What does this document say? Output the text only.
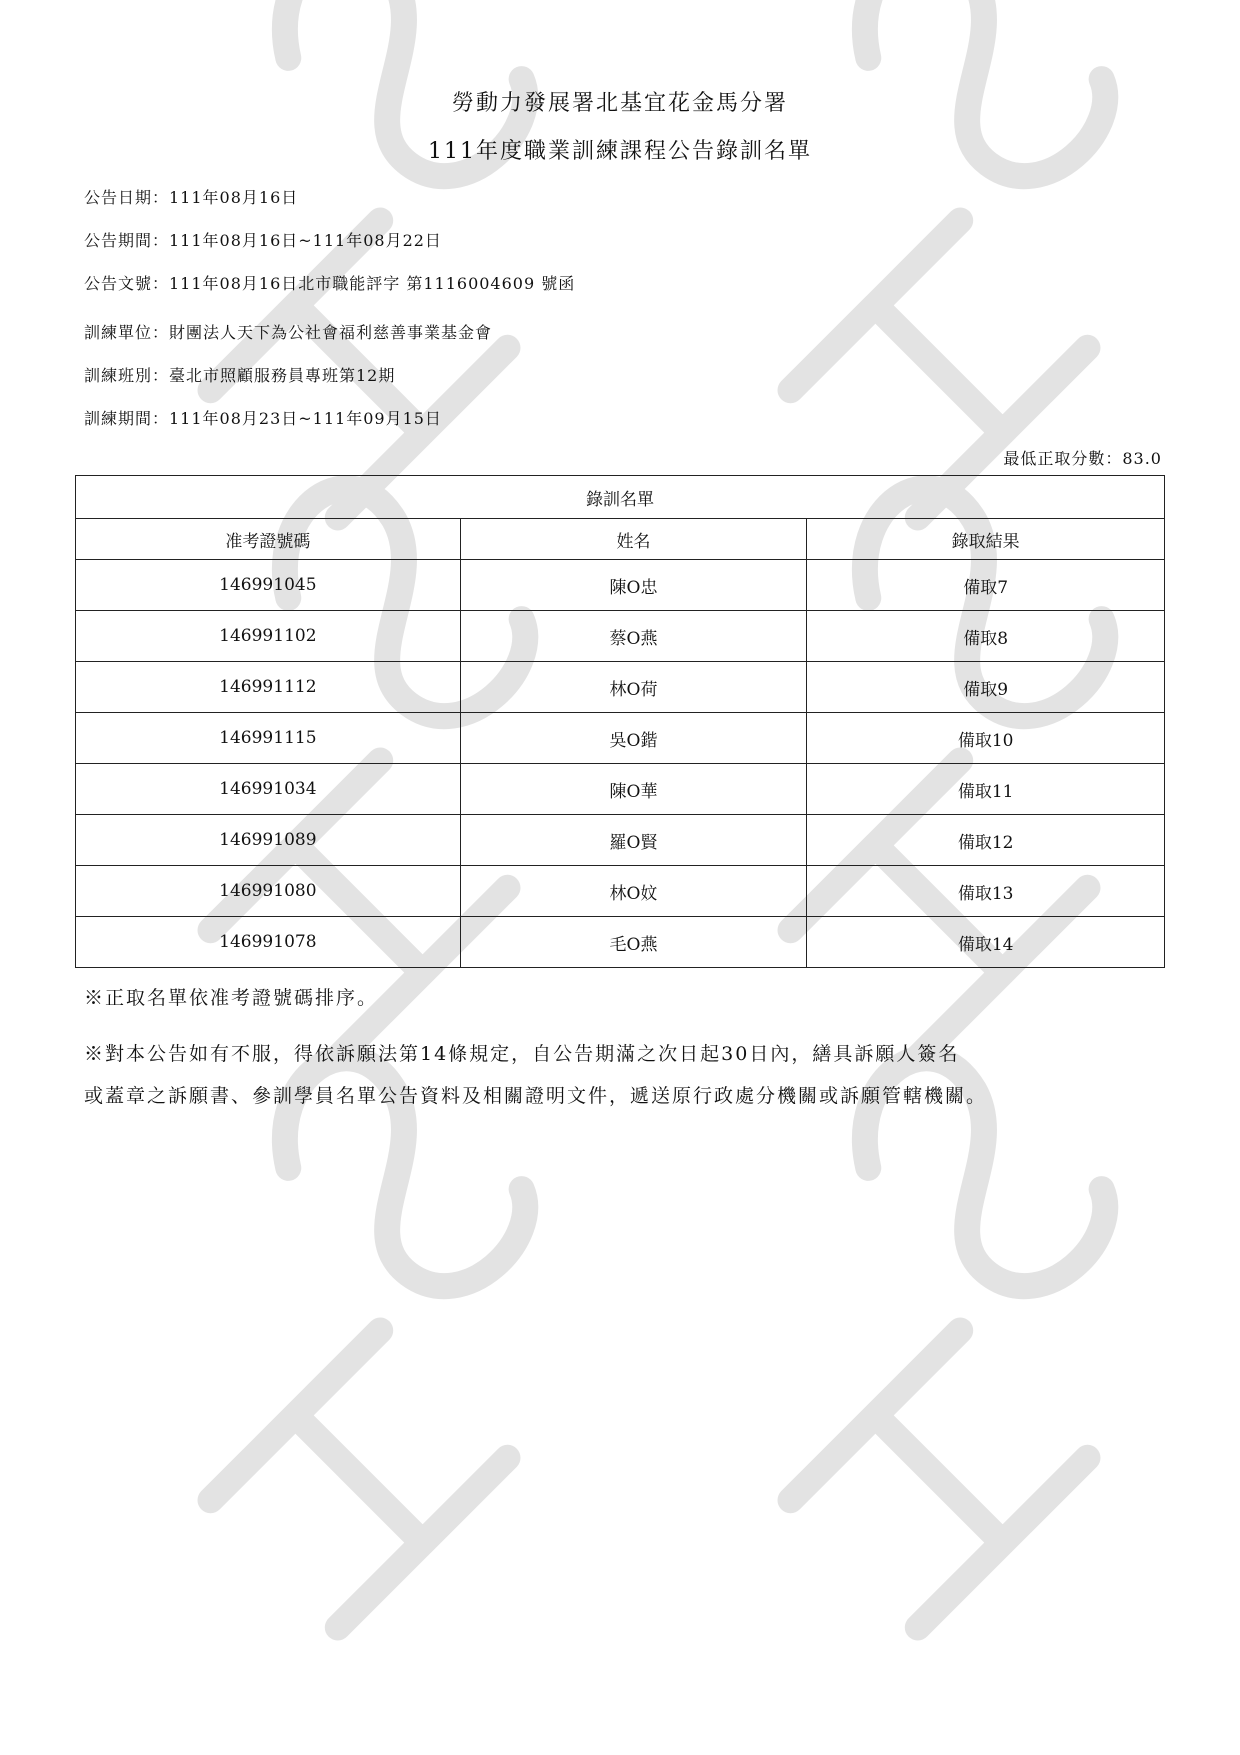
勞動力發展署北基宜花金馬分署
111年度職業訓練課程公告錄訓名單
公告日期：111年08月16日
公告期間：111年08月16日~111年08月22日
公告文號：111年08月16日北市職能評字 第1116004609 號函
訓練單位：財團法人天下為公社會福利慈善事業基金會
訓練班別：臺北市照顧服務員專班第12期
訓練期間：111年08月23日~111年09月15日
最低正取分數：83.0
錄訓名單		
准考證號碼	姓名	錄取結果
146991045	陳O忠	備取7
146991102	蔡O燕	備取8
146991112	林O荷	備取9
146991115	吳O鍇	備取10
146991034	陳O華	備取11
146991089	羅O賢	備取12
146991080	林O妏	備取13
146991078	毛O燕	備取14
※正取名單依准考證號碼排序。
※對本公告如有不服，得依訴願法第14條規定，自公告期滿之次日起30日內，繕具訴願人簽名
或蓋章之訴願書、參訓學員名單公告資料及相關證明文件，遞送原行政處分機關或訴願管轄機關。
